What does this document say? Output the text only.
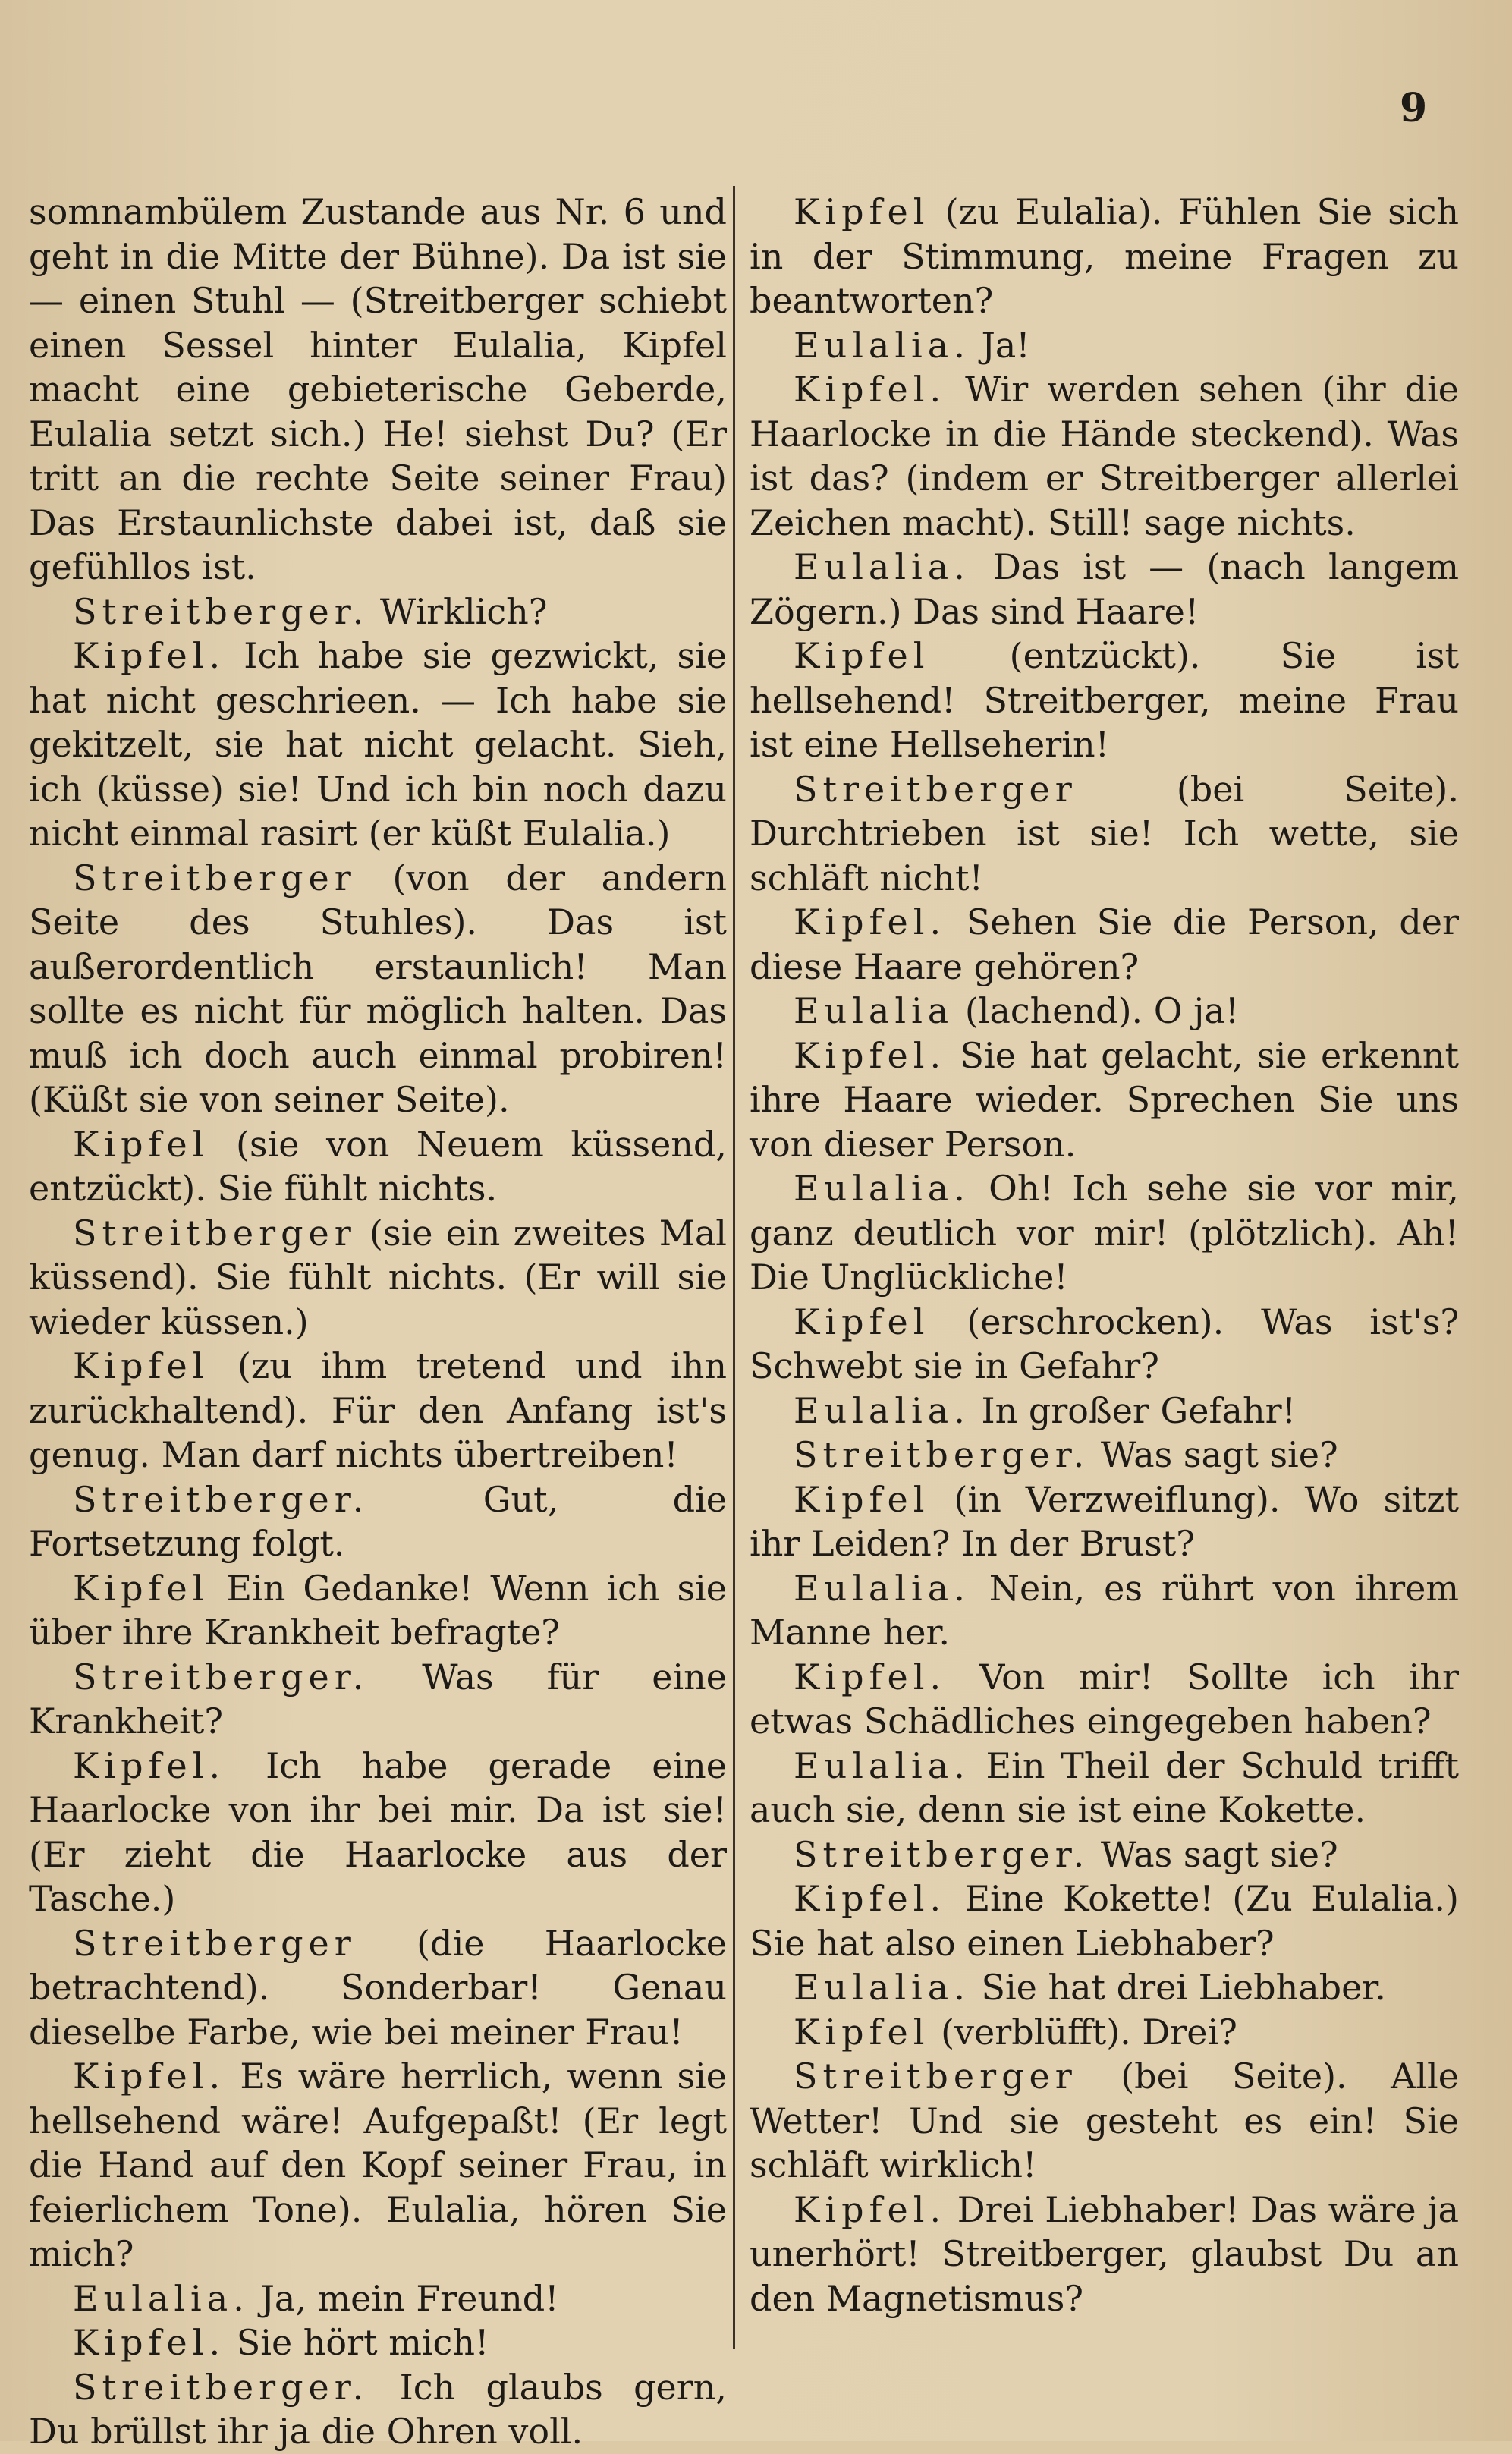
9

somnambülem Zustande aus Nr. 6 und geht in die Mitte der Bühne). Da ist sie — einen Stuhl — (Streitberger schiebt einen Sessel hinter Eulalia, Kipfel macht eine gebieterische Geberde, Eulalia setzt sich.) He! siehst Du? (Er tritt an die rechte Seite seiner Frau) Das Erstaunlichste dabei ist, daß sie gefühllos ist.

Streitberger. Wirklich?

Kipfel. Ich habe sie gezwickt, sie hat nicht geschrieen. — Ich habe sie gekitzelt, sie hat nicht gelacht. Sieh, ich (küsse) sie! Und ich bin noch dazu nicht einmal rasirt (er küßt Eulalia.)

Streitberger (von der andern Seite des Stuhles). Das ist außerordentlich erstaunlich! Man sollte es nicht für möglich halten. Das muß ich doch auch einmal probiren! (Küßt sie von seiner Seite).

Kipfel (sie von Neuem küssend, entzückt). Sie fühlt nichts.

Streitberger (sie ein zweites Mal küssend). Sie fühlt nichts. (Er will sie wieder küssen.)

Kipfel (zu ihm tretend und ihn zurückhaltend). Für den Anfang ist's genug. Man darf nichts übertreiben!

Streitberger.	Gut, die Fortsetzung folgt.

Kipfel Ein Gedanke! Wenn ich sie über ihre Krankheit befragte?

Streitberger. Was für eine Krankheit?

Kipfel. Ich habe gerade eine Haarlocke von ihr bei mir. Da ist sie! (Er zieht die Haarlocke aus der Tasche.)

Streitberger (die Haarlocke betrachtend). Sonderbar! Genau dieselbe Farbe, wie bei meiner Frau!

Kipfel. Es wäre herrlich, wenn sie hellsehend wäre! Aufgepaßt! (Er legt die Hand auf den Kopf seiner Frau, in feierlichem Tone). Eulalia, hören Sie mich?

Eulalia. Ja, mein Freund!

Kipfel. Sie hört mich!

Streitberger. Ich glaubs gern, Du brüllst ihr ja die Ohren voll.

Kipfel (zu Eulalia). Fühlen Sie sich in der Stimmung, meine Fragen zu beantworten?

Eulalia. Ja!

Kipfel. Wir werden sehen (ihr die Haarlocke in die Hände steckend). Was ist das? (indem er Streitberger allerlei Zeichen macht). Still! sage nichts.

Eulalia. Das ist — (nach langem Zögern.) Das sind Haare!

Kipfel (entzückt). Sie ist hellsehend! Streitberger, meine Frau ist eine Hellseherin!

Streitberger	(bei Seite). Durchtrieben ist sie! Ich wette, sie schläft nicht!

Kipfel. Sehen Sie die Person, der diese Haare gehören?

Eulalia (lachend). O ja!

Kipfel. Sie hat gelacht, sie erkennt ihre Haare wieder. Sprechen Sie uns von dieser Person.

Eulalia. Oh! Ich sehe sie vor mir, ganz deutlich vor mir! (plötzlich). Ah! Die Unglückliche!

Kipfel (erschrocken). Was ist's? Schwebt sie in Gefahr?

Eulalia. In großer Gefahr!

Streitberger. Was sagt sie?

Kipfel (in Verzweiflung). Wo sitzt ihr Leiden? In der Brust?

Eulalia. Nein, es rührt von ihrem Manne her.

Kipfel. Von mir! Sollte ich ihr etwas Schädliches eingegeben haben?

Eulalia. Ein Theil der Schuld trifft auch sie, denn sie ist eine Kokette.

Streitberger. Was sagt sie?

Kipfel. Eine Kokette! (Zu Eulalia.) Sie hat also einen Liebhaber?

Eulalia. Sie hat drei Liebhaber.

Kipfel (verblüfft). Drei?

Streitberger (bei Seite). Alle Wetter! Und sie gesteht es ein! Sie schläft wirklich!

Kipfel. Drei Liebhaber! Das wäre ja unerhört! Streitberger, glaubst Du an den Magnetismus?
